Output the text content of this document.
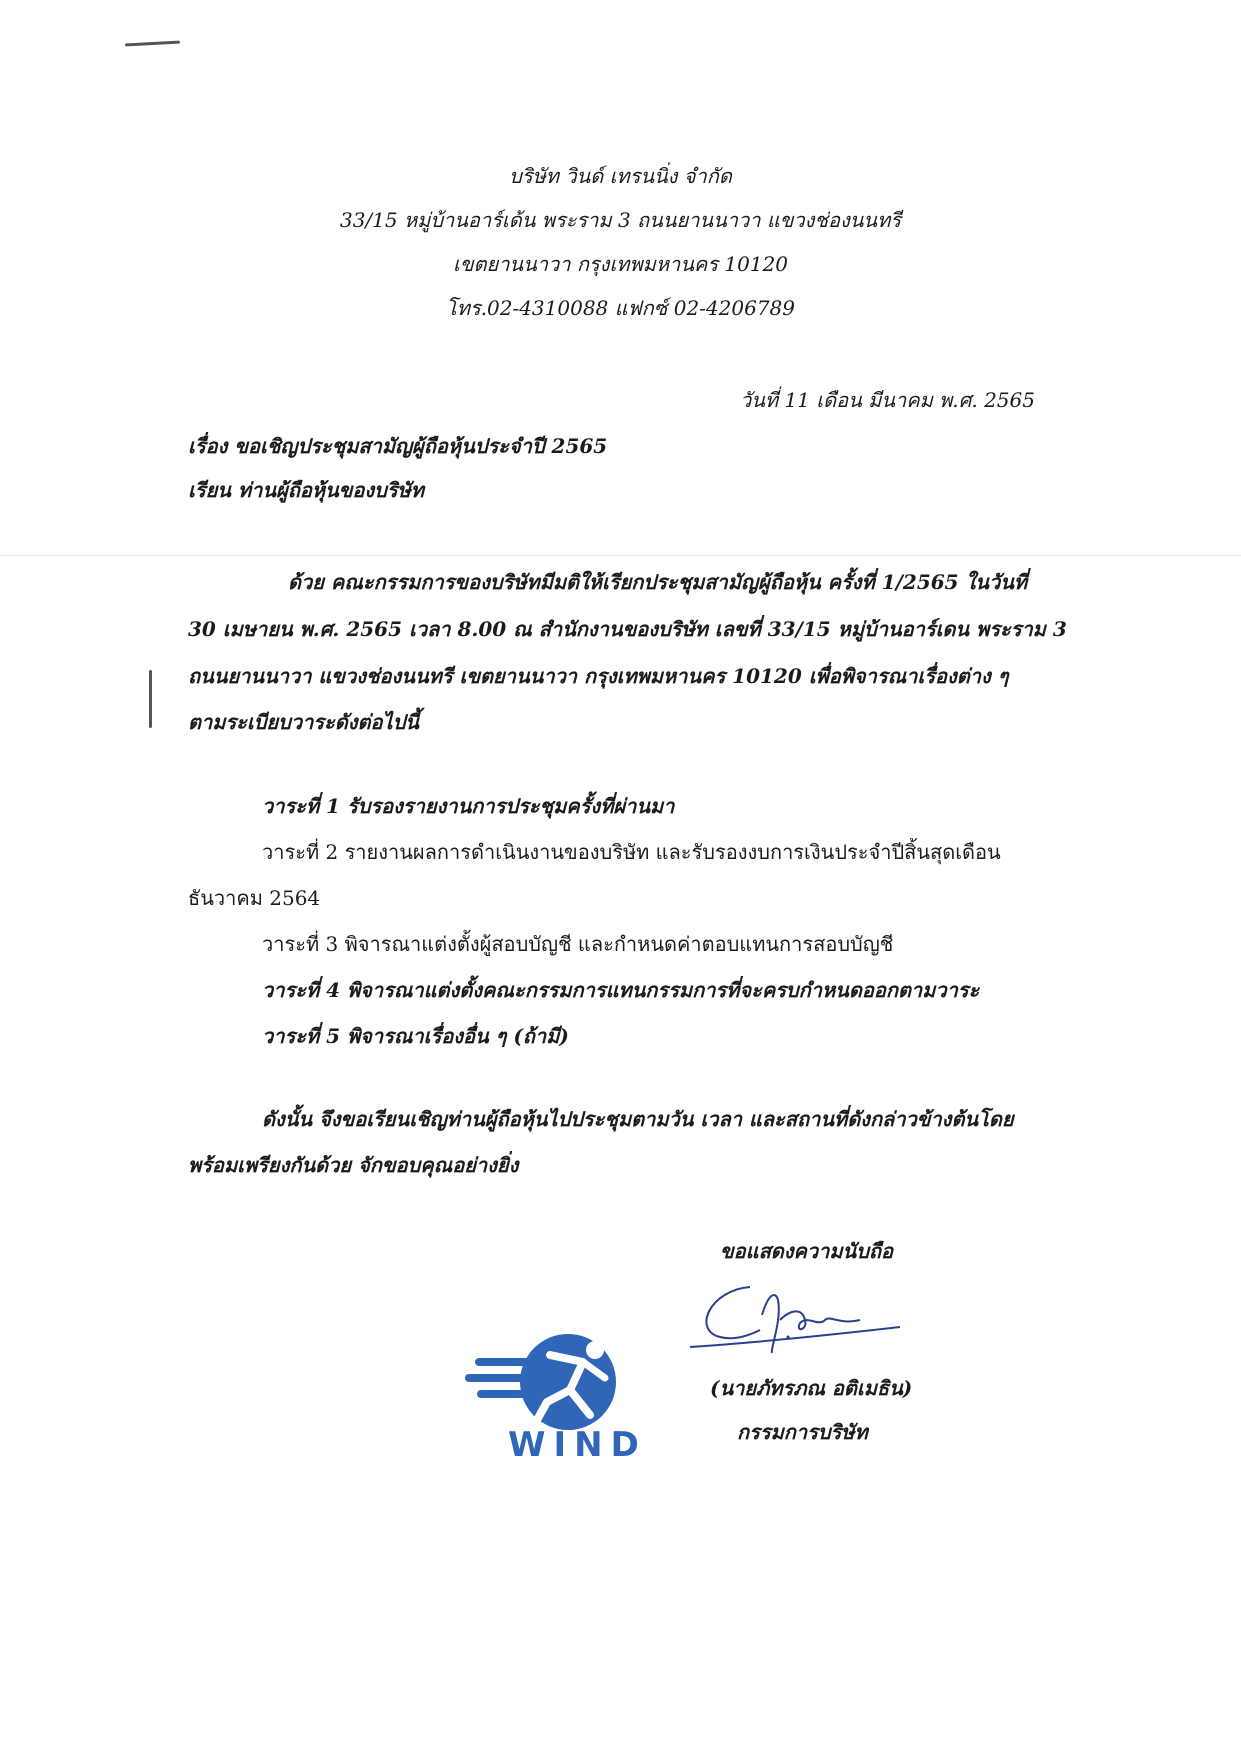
บริษัท วินด์ เทรนนิ่ง จำกัด
33/15 หมู่บ้านอาร์เด้น พระราม 3 ถนนยานนาวา แขวงช่องนนทรี
เขตยานนาวา กรุงเทพมหานคร 10120
โทร.02-4310088 แฟกซ์ 02-4206789
วันที่ 11 เดือน มีนาคม พ.ศ. 2565
เรื่อง ขอเชิญประชุมสามัญผู้ถือหุ้นประจำปี 2565
เรียน ท่านผู้ถือหุ้นของบริษัท
ด้วย คณะกรรมการของบริษัทมีมติให้เรียกประชุมสามัญผู้ถือหุ้น ครั้งที่ 1/2565 ในวันที่
30 เมษายน พ.ศ. 2565 เวลา 8.00 ณ สำนักงานของบริษัท เลขที่ 33/15 หมู่บ้านอาร์เดน พระราม 3
ถนนยานนาวา แขวงช่องนนทรี เขตยานนาวา กรุงเทพมหานคร 10120 เพื่อพิจารณาเรื่องต่าง ๆ
ตามระเบียบวาระดังต่อไปนี้
วาระที่ 1 รับรองรายงานการประชุมครั้งที่ผ่านมา
วาระที่ 2 รายงานผลการดำเนินงานของบริษัท และรับรองงบการเงินประจำปีสิ้นสุดเดือน
ธันวาคม 2564
วาระที่ 3 พิจารณาแต่งตั้งผู้สอบบัญชี และกำหนดค่าตอบแทนการสอบบัญชี
วาระที่ 4 พิจารณาแต่งตั้งคณะกรรมการแทนกรรมการที่จะครบกำหนดออกตามวาระ
วาระที่ 5 พิจารณาเรื่องอื่น ๆ (ถ้ามี)
ดังนั้น จึงขอเรียนเชิญท่านผู้ถือหุ้นไปประชุมตามวัน เวลา และสถานที่ดังกล่าวข้างต้นโดย
พร้อมเพรียงกันด้วย จักขอบคุณอย่างยิ่ง
ขอแสดงความนับถือ
(นายภัทรภณ อติเมธิน)
กรรมการบริษัท
WIND
